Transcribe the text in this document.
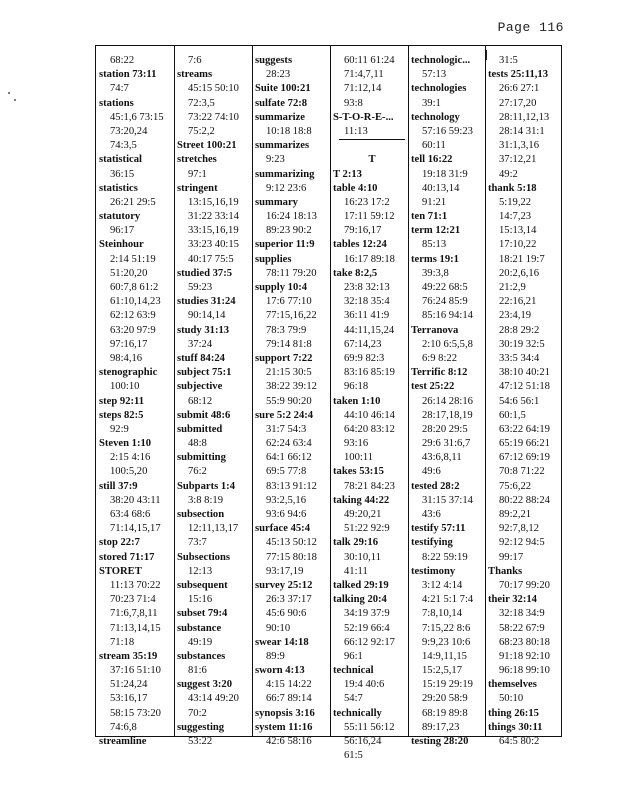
Page 116
68:22
station 73:11
74:7
stations
45:1,6 73:15
73:20,24
74:3,5
statistical
36:15
statistics
26:21 29:5
statutory
96:17
Steinhour
2:14 51:19
51:20,20
60:7,8 61:2
61:10,14,23
62:12 63:9
63:20 97:9
97:16,17
98:4,16
stenographic
100:10
step 92:11
steps 82:5
92:9
Steven 1:10
2:15 4:16
100:5,20
still 37:9
38:20 43:11
63:4 68:6
71:14,15,17
stop 22:7
stored 71:17
STORET
11:13 70:22
70:23 71:4
71:6,7,8,11
71:13,14,15
71:18
stream 35:19
37:16 51:10
51:24,24
53:16,17
58:15 73:20
74:6,8
streamline
7:6
streams
45:15 50:10
72:3,5
73:22 74:10
75:2,2
Street 100:21
stretches
97:1
stringent
13:15,16,19
31:22 33:14
33:15,16,19
33:23 40:15
40:17 75:5
studied 37:5
59:23
studies 31:24
90:14,14
study 31:13
37:24
stuff 84:24
subject 75:1
subjective
68:12
submit 48:6
submitted
48:8
submitting
76:2
Subparts 1:4
3:8 8:19
subsection
12:11,13,17
73:7
Subsections
12:13
subsequent
15:16
subset 79:4
substance
49:19
substances
81:6
suggest 3:20
43:14 49:20
70:2
suggesting
53:22
suggests
28:23
Suite 100:21
sulfate 72:8
summarize
10:18 18:8
summarizes
9:23
summarizing
9:12 23:6
summary
16:24 18:13
89:23 90:2
superior 11:9
supplies
78:11 79:20
supply 10:4
17:6 77:10
77:15,16,22
78:3 79:9
79:14 81:8
support 7:22
21:15 30:5
38:22 39:12
55:9 90:20
sure 5:2 24:4
31:7 54:3
62:24 63:4
64:1 66:12
69:5 77:8
83:13 91:12
93:2,5,16
93:6 94:6
surface 45:4
45:13 50:12
77:15 80:18
93:17,19
survey 25:12
26:3 37:17
45:6 90:6
90:10
swear 14:18
89:9
sworn 4:13
4:15 14:22
66:7 89:14
synopsis 3:16
system 11:16
42:6 58:16
60:11 61:24
71:4,7,11
71:12,14
93:8
S-T-O-R-E-...
11:13
T
T 2:13
table 4:10
16:23 17:2
17:11 59:12
79:16,17
tables 12:24
16:17 89:18
take 8:2,5
23:8 32:13
32:18 35:4
36:11 41:9
44:11,15,24
67:14,23
69:9 82:3
83:16 85:19
96:18
taken 1:10
44:10 46:14
64:20 83:12
93:16
100:11
takes 53:15
78:21 84:23
taking 44:22
49:20,21
51:22 92:9
talk 29:16
30:10,11
41:11
talked 29:19
talking 20:4
34:19 37:9
52:19 66:4
66:12 92:17
96:1
technical
19:4 40:6
54:7
technically
55:11 56:12
56:16,24
61:5
technologic...
57:13
technologies
39:1
technology
57:16 59:23
60:11
tell 16:22
19:18 31:9
40:13,14
91:21
ten 71:1
term 12:21
85:13
terms 19:1
39:3,8
49:22 68:5
76:24 85:9
85:16 94:14
Terranova
2:10 6:5,5,8
6:9 8:22
Terrific 8:12
test 25:22
26:14 28:16
28:17,18,19
28:20 29:5
29:6 31:6,7
43:6,8,11
49:6
tested 28:2
31:15 37:14
43:6
testify 57:11
testifying
8:22 59:19
testimony
3:12 4:14
4:21 5:1 7:4
7:8,10,14
7:15,22 8:6
9:9,23 10:6
14:9,11,15
15:2,5,17
15:19 29:19
29:20 58:9
68:19 89:8
89:17,23
testing 28:20
31:5
tests 25:11,13
26:6 27:1
27:17,20
28:11,12,13
28:14 31:1
31:1,3,16
37:12,21
49:2
thank 5:18
5:19,22
14:7,23
15:13,14
17:10,22
18:21 19:7
20:2,6,16
21:2,9
22:16,21
23:4,19
28:8 29:2
30:19 32:5
33:5 34:4
38:10 40:21
47:12 51:18
54:6 56:1
60:1,5
63:22 64:19
65:19 66:21
67:12 69:19
70:8 71:22
75:6,22
80:22 88:24
89:2,21
92:7,8,12
92:12 94:5
99:17
Thanks
70:17 99:20
their 32:14
32:18 34:9
58:22 67:9
68:23 80:18
91:18 92:10
96:18 99:10
themselves
50:10
thing 26:15
things 30:11
64:5 80:2
